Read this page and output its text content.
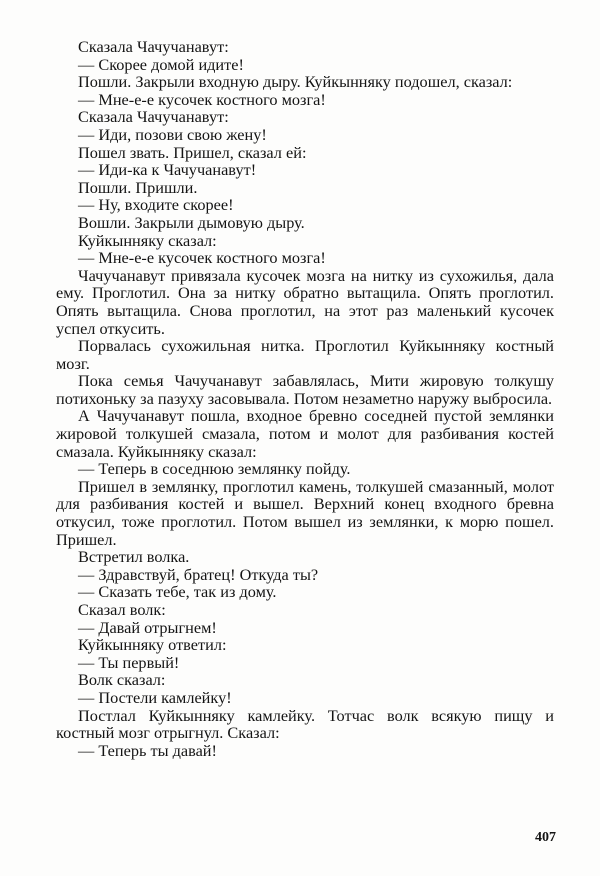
Сказала Чачучанавут:

— Скорее домой идите!

Пошли. Закрыли входную дыру. Куйкынняку подошел, сказал:

— Мне-е-е кусочек костного мозга!

Сказала Чачучанавут:

— Иди, позови свою жену!

Пошел звать. Пришел, сказал ей:

— Иди-ка к Чачучанавут!

Пошли. Пришли.

— Ну, входите скорее!

Вошли. Закрыли дымовую дыру.

Куйкынняку сказал:

— Мне-е-е кусочек костного мозга!

Чачучанавут привязала кусочек мозга на нитку из сухожилья, дала ему. Проглотил. Она за нитку обратно вытащила. Опять проглотил. Опять вытащила. Снова проглотил, на этот раз маленький кусочек успел откусить.

Порвалась сухожильная нитка. Проглотил Куйкынняку костный мозг.

Пока семья Чачучанавут забавлялась, Мити жировую толкушу потихоньку за пазуху засовывала. Потом незаметно наружу выбросила.

А Чачучанавут пошла, входное бревно соседней пустой землянки жировой толкушей смазала, потом и молот для разбивания костей смазала. Куйкынняку сказал:

— Теперь в соседнюю землянку пойду.

Пришел в землянку, проглотил камень, толкушей смазанный, молот для разбивания костей и вышел. Верхний конец входного бревна откусил, тоже проглотил. Потом вышел из землянки, к морю пошел. Пришел.

Встретил волка.

— Здравствуй, братец! Откуда ты?

— Сказать тебе, так из дому.

Сказал волк:

— Давай отрыгнем!

Куйкынняку ответил:

— Ты первый!

Волк сказал:

— Постели камлейку!

Постлал Куйкынняку камлейку. Тотчас волк всякую пищу и костный мозг отрыгнул. Сказал:

— Теперь ты давай!

407
